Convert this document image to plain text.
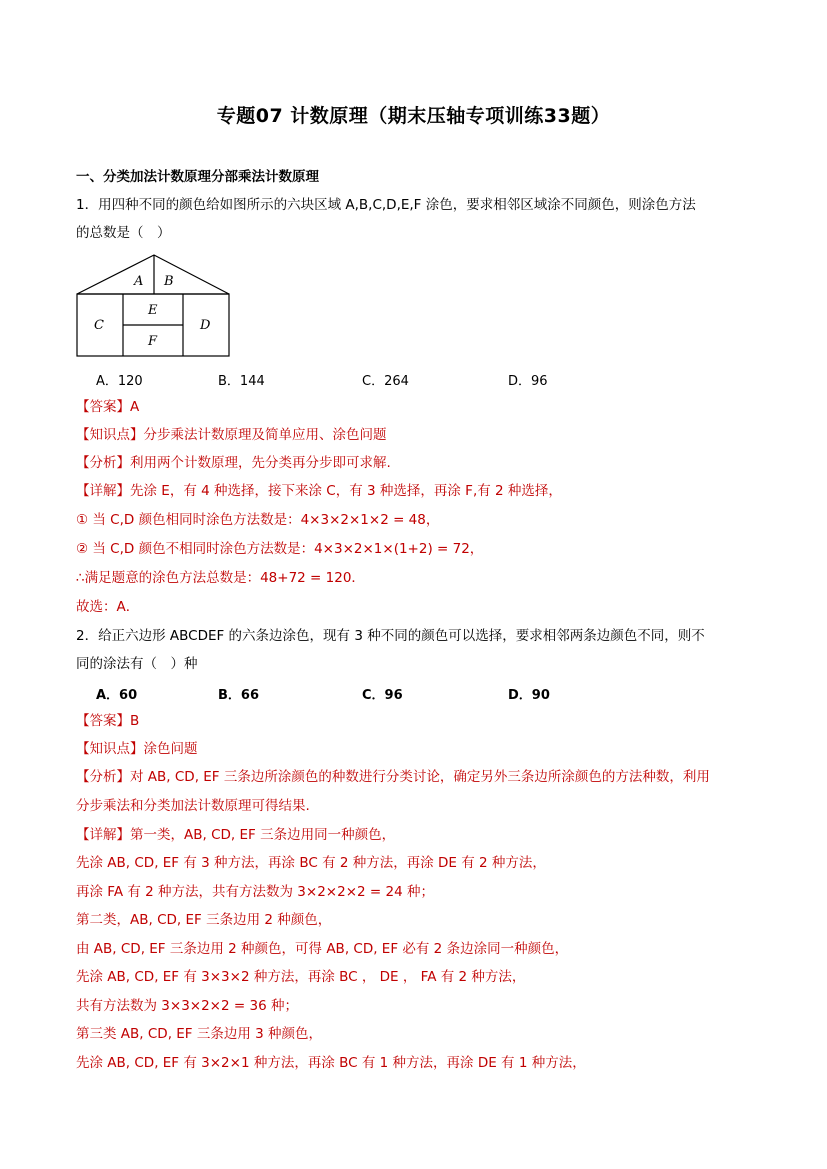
专题07 计数原理（期末压轴专项训练33题）
一、分类加法计数原理分部乘法计数原理
1．用四种不同的颜色给如图所示的六块区域 A,B,C,D,E,F 涂色，要求相邻区域涂不同颜色，则涂色方法
的总数是（　）
A B
C	D
E
F
A．120	B．144	C．264	D．96
【答案】A
【知识点】分步乘法计数原理及简单应用、涂色问题
【分析】利用两个计数原理，先分类再分步即可求解.
【详解】先涂 E，有 4 种选择，接下来涂 C，有 3 种选择，再涂 F,有 2 种选择，
① 当 C,D 颜色相同时涂色方法数是：4×3×2×1×2 = 48，
② 当 C,D 颜色不相同时涂色方法数是：4×3×2×1×(1+2) = 72，
∴满足题意的涂色方法总数是：48+72 = 120．
故选：A．
2．给正六边形 ABCDEF 的六条边涂色，现有 3 种不同的颜色可以选择，要求相邻两条边颜色不同，则不
同的涂法有（　）种
A．60	B．66	C．96	D．90
【答案】B
【知识点】涂色问题
【分析】对 AB, CD, EF 三条边所涂颜色的种数进行分类讨论，确定另外三条边所涂颜色的方法种数，利用
分步乘法和分类加法计数原理可得结果.
【详解】第一类，AB, CD, EF 三条边用同一种颜色，
先涂 AB, CD, EF 有 3 种方法，再涂 BC 有 2 种方法，再涂 DE 有 2 种方法，
再涂 FA 有 2 种方法，共有方法数为 3×2×2×2 = 24 种；
第二类，AB, CD, EF 三条边用 2 种颜色，
由 AB, CD, EF 三条边用 2 种颜色，可得 AB, CD, EF 必有 2 条边涂同一种颜色，
先涂 AB, CD, EF 有 3×3×2 种方法，再涂 BC ， DE ， FA 有 2 种方法，
共有方法数为 3×3×2×2 = 36 种；
第三类 AB, CD, EF 三条边用 3 种颜色，
先涂 AB, CD, EF 有 3×2×1 种方法，再涂 BC 有 1 种方法，再涂 DE 有 1 种方法，
